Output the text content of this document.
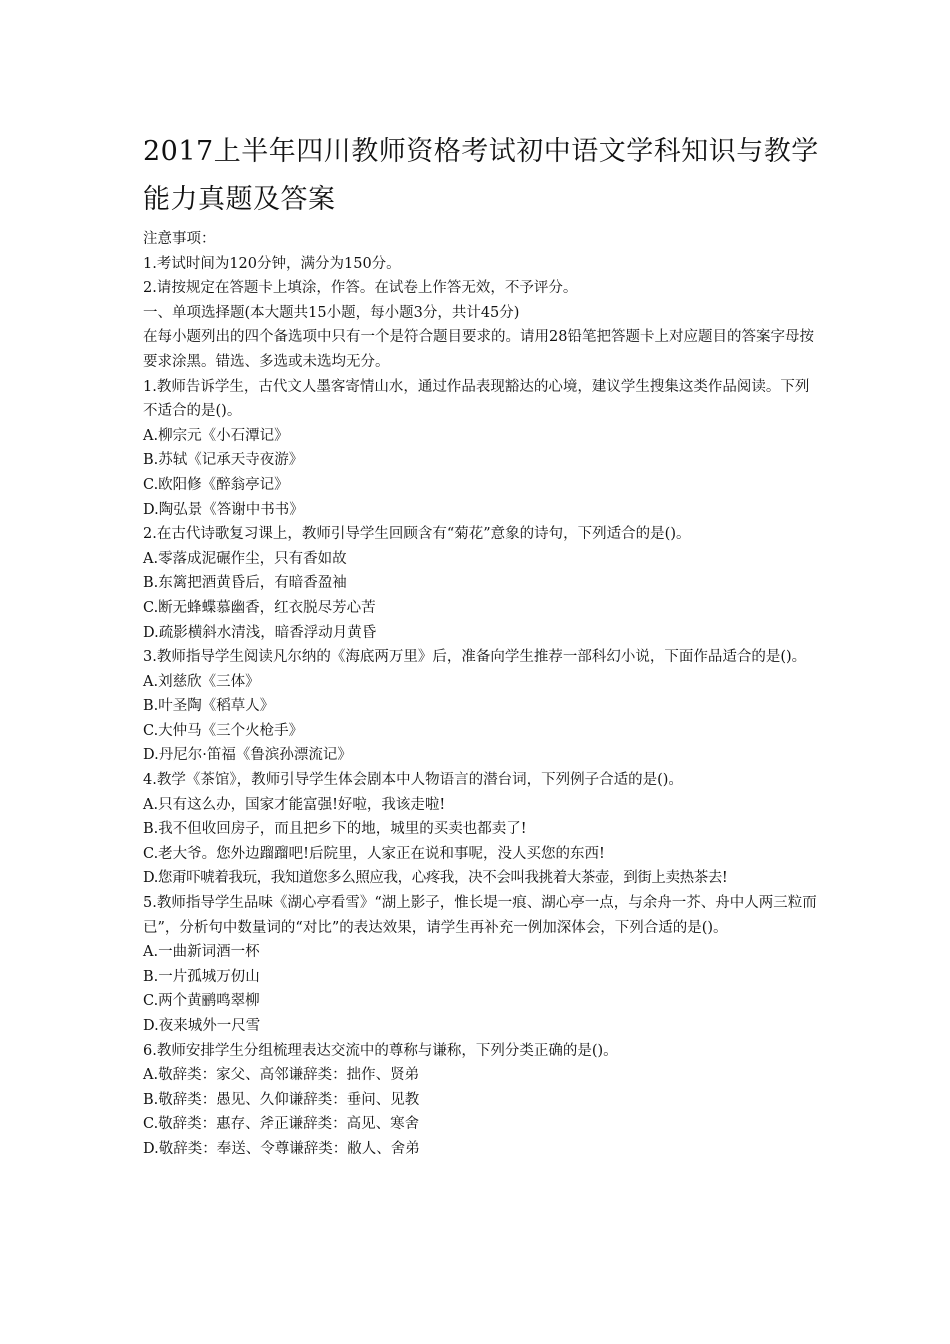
2017上半年四川教师资格考试初中语文学科知识与教学能力真题及答案

注意事项：

1.考试时间为120分钟，满分为150分。

2.请按规定在答题卡上填涂，作答。在试卷上作答无效，不予评分。

一、单项选择题(本大题共15小题，每小题3分，共计45分)

在每小题列出的四个备选项中只有一个是符合题目要求的。请用28铅笔把答题卡上对应题目的答案字母按要求涂黑。错选、多选或未选均无分。

1.教师告诉学生，古代文人墨客寄情山水，通过作品表现豁达的心境，建议学生搜集这类作品阅读。下列不适合的是()。

A.柳宗元《小石潭记》

B.苏轼《记承天寺夜游》

C.欧阳修《醉翁亭记》

D.陶弘景《答谢中书书》

2.在古代诗歌复习课上，教师引导学生回顾含有“菊花”意象的诗句，下列适合的是()。

A.零落成泥碾作尘，只有香如故

B.东篱把酒黄昏后，有暗香盈袖

C.断无蜂蝶慕幽香，红衣脱尽芳心苦

D.疏影横斜水清浅，暗香浮动月黄昏

3.教师指导学生阅读凡尔纳的《海底两万里》后，准备向学生推荐一部科幻小说，下面作品适合的是()。

A.刘慈欣《三体》

B.叶圣陶《稻草人》

C.大仲马《三个火枪手》

D.丹尼尔·笛福《鲁滨孙漂流记》

4.教学《茶馆》，教师引导学生体会剧本中人物语言的潜台词，下列例子合适的是()。

A.只有这么办，国家才能富强!好啦，我该走啦!

B.我不但收回房子，而且把乡下的地，城里的买卖也都卖了!

C.老大爷。您外边蹓蹓吧!后院里，人家正在说和事呢，没人买您的东西!

D.您甭吓唬着我玩，我知道您多么照应我，心疼我，决不会叫我挑着大茶壶，到街上卖热茶去!

5.教师指导学生品味《湖心亭看雪》“湖上影子，惟长堤一痕、湖心亭一点，与余舟一芥、舟中人两三粒而已”，分析句中数量词的“对比”的表达效果，请学生再补充一例加深体会，下列合适的是()。

A.一曲新词酒一杯

B.一片孤城万仞山

C.两个黄鹂鸣翠柳

D.夜来城外一尺雪

6.教师安排学生分组梳理表达交流中的尊称与谦称，下列分类正确的是()。

A.敬辞类：家父、高邻谦辞类：拙作、贤弟

B.敬辞类：愚见、久仰谦辞类：垂问、见教

C.敬辞类：惠存、斧正谦辞类：高见、寒舍

D.敬辞类：奉送、令尊谦辞类：敝人、舍弟
